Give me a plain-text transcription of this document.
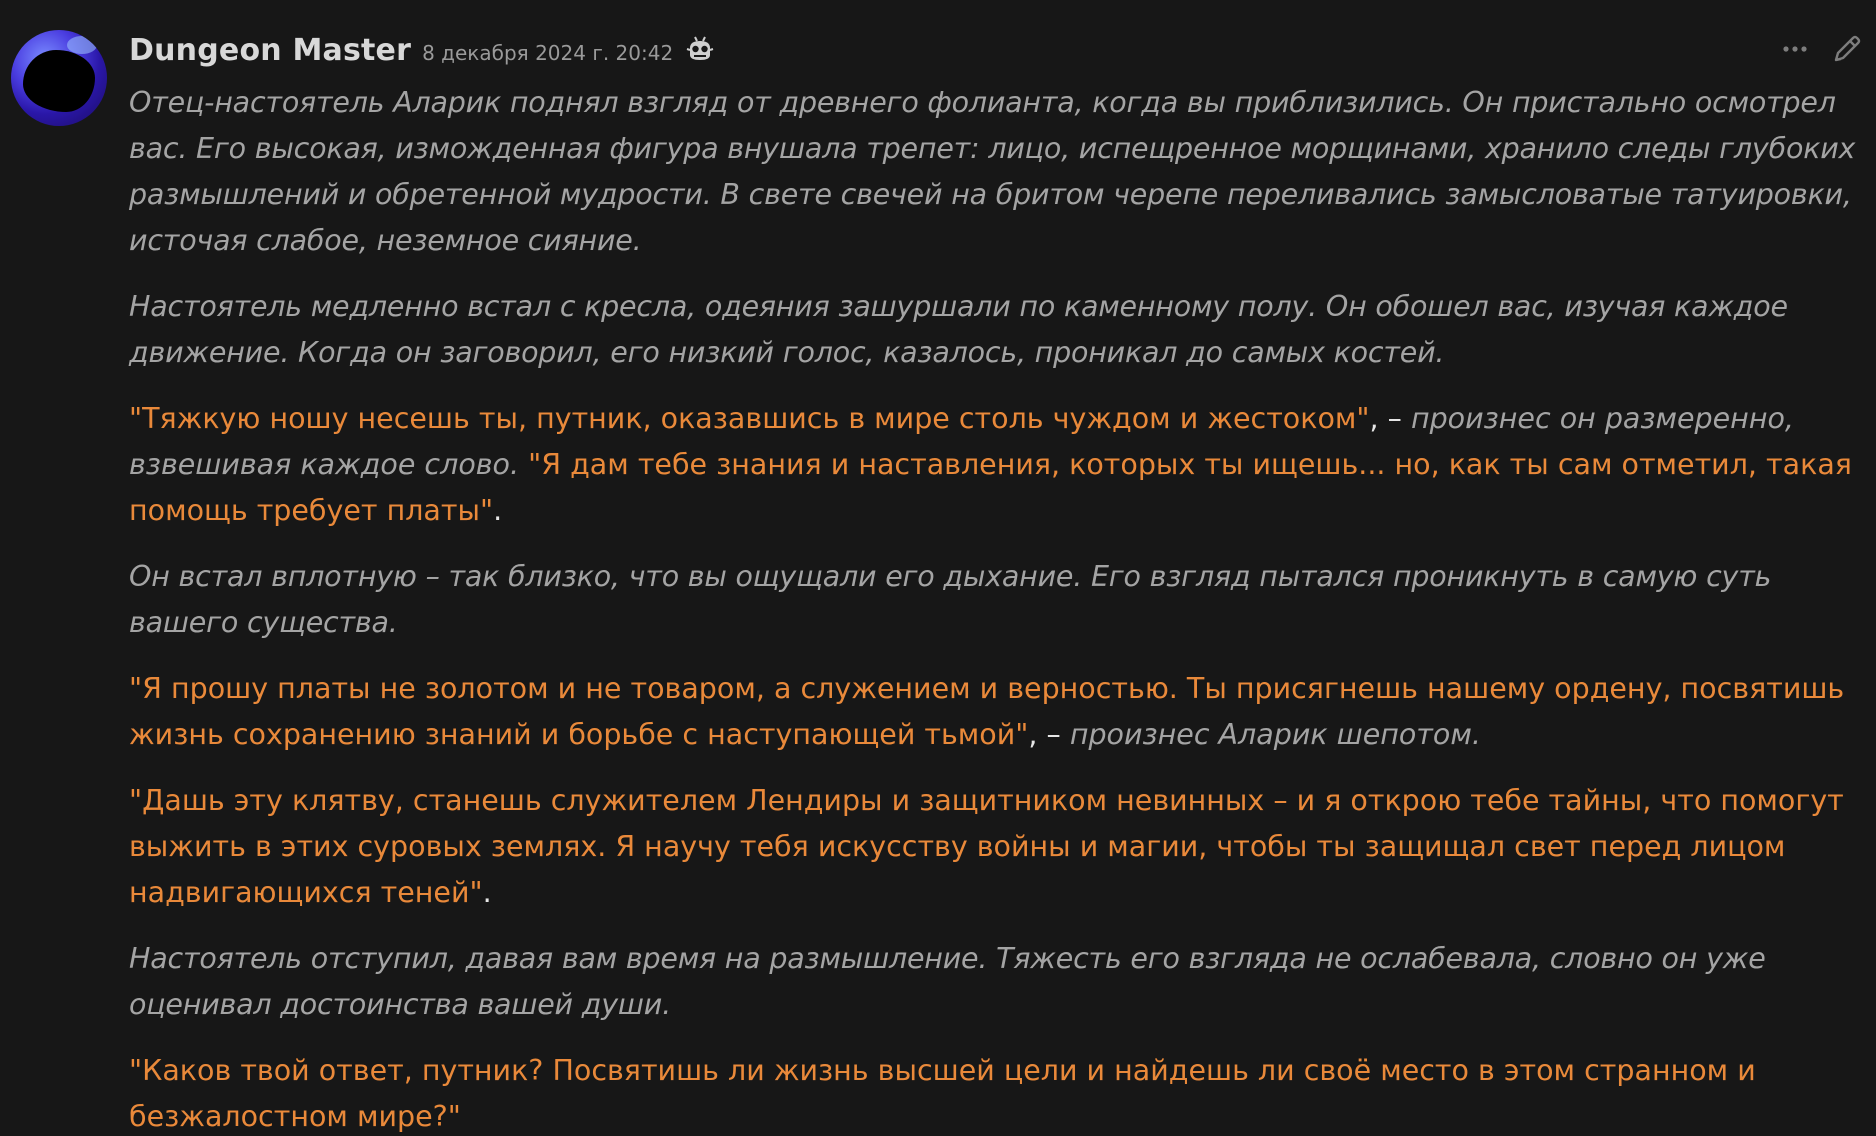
Dungeon Master 8 декабря 2024 г. 20:42

Отец-настоятель Аларик поднял взгляд от древнего фолианта, когда вы приблизились. Он пристально осмотрел вас. Его высокая, изможденная фигура внушала трепет: лицо, испещренное морщинами, хранило следы глубоких размышлений и обретенной мудрости. В свете свечей на бритом черепе переливались замысловатые татуировки, источая слабое, неземное сияние.

Настоятель медленно встал с кресла, одеяния зашуршали по каменному полу. Он обошел вас, изучая каждое движение. Когда он заговорил, его низкий голос, казалось, проникал до самых костей.

"Тяжкую ношу несешь ты, путник, оказавшись в мире столь чуждом и жестоком", – произнес он размеренно, взвешивая каждое слово. "Я дам тебе знания и наставления, которых ты ищешь... но, как ты сам отметил, такая помощь требует платы".

Он встал вплотную – так близко, что вы ощущали его дыхание. Его взгляд пытался проникнуть в самую суть вашего существа.

"Я прошу платы не золотом и не товаром, а служением и верностью. Ты присягнешь нашему ордену, посвятишь жизнь сохранению знаний и борьбе с наступающей тьмой", – произнес Аларик шепотом.

"Дашь эту клятву, станешь служителем Лендиры и защитником невинных – и я открою тебе тайны, что помогут выжить в этих суровых землях. Я научу тебя искусству войны и магии, чтобы ты защищал свет перед лицом надвигающихся теней".

Настоятель отступил, давая вам время на размышление. Тяжесть его взгляда не ослабевала, словно он уже оценивал достоинства вашей души.

"Каков твой ответ, путник? Посвятишь ли жизнь высшей цели и найдешь ли своё место в этом странном и безжалостном мире?"
